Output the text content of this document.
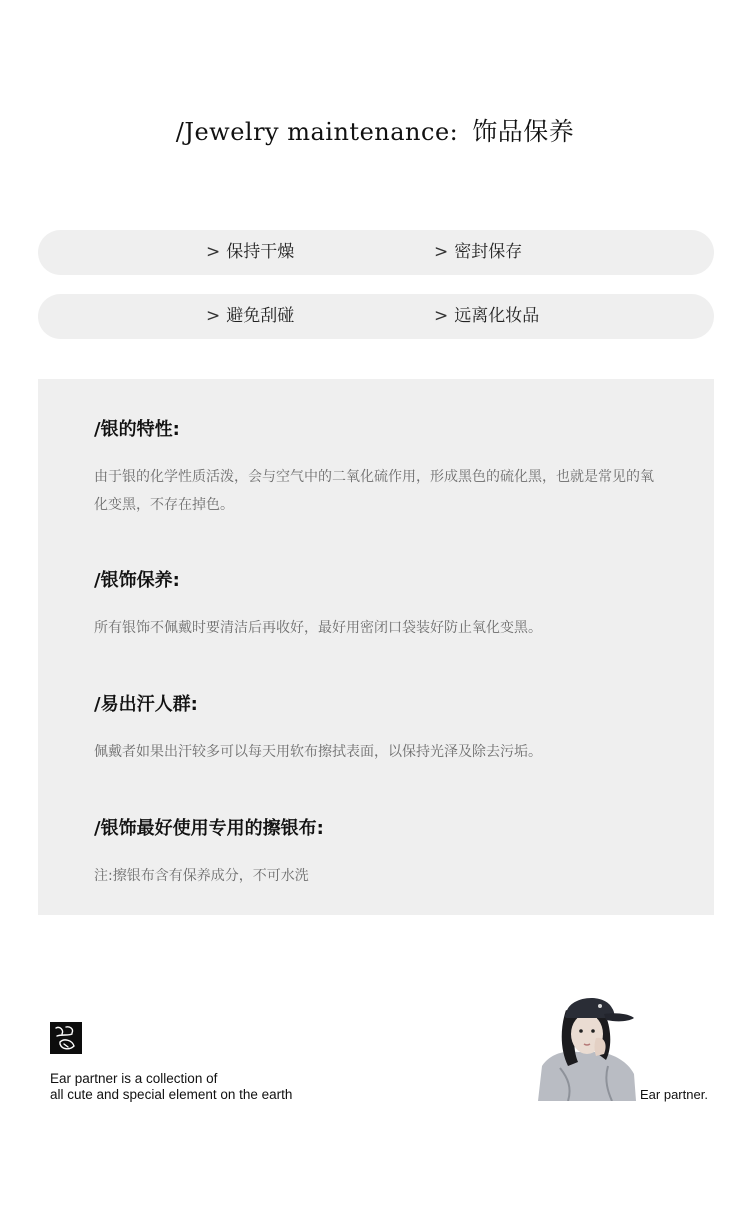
/Jewelry maintenance: 饰品保养
> 保持干燥	> 密封保存
> 避免刮碰	> 远离化妆品
/银的特性:

由于银的化学性质活泼，会与空气中的二氧化硫作用，形成黑色的硫化黑，也就是常见的氧化变黑，不存在掉色。

/银饰保养:

所有银饰不佩戴时要清洁后再收好，最好用密闭口袋装好防止氧化变黑。

/易出汗人群:

佩戴者如果出汗较多可以每天用软布擦拭表面，以保持光泽及除去污垢。

/银饰最好使用专用的擦银布:

注:擦银布含有保养成分，不可水洗

Ear partner is a collection of
all cute and special element on the earth	Ear partner.
